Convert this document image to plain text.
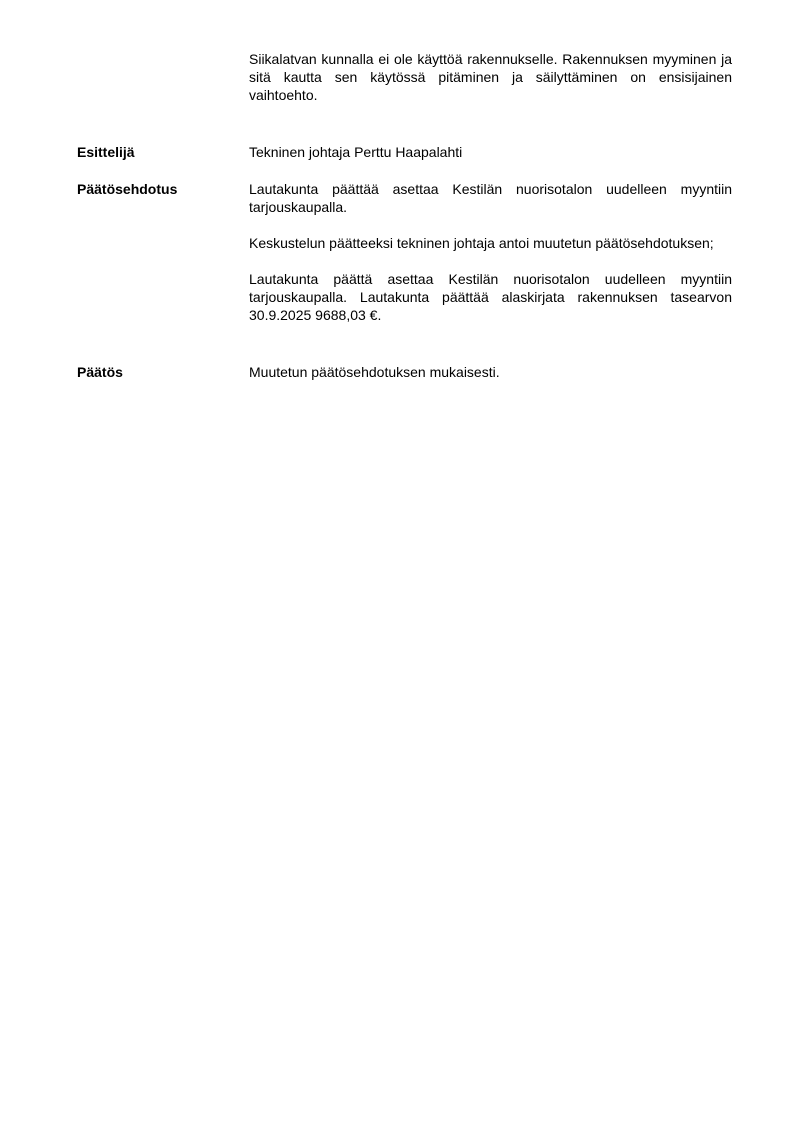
Siikalatvan kunnalla ei ole käyttöä rakennukselle. Rakennuksen myyminen ja sitä kautta sen käytössä pitäminen ja säilyttäminen on ensisijainen vaihtoehto.
Esittelijä	Tekninen johtaja Perttu Haapalahti
Päätösehdotus	Lautakunta päättää asettaa Kestilän nuorisotalon uudelleen myyntiin tarjouskaupalla.

Keskustelun päätteeksi tekninen johtaja antoi muutetun päätösehdotuksen;

Lautakunta päättä asettaa Kestilän nuorisotalon uudelleen myyntiin tarjouskaupalla. Lautakunta päättää alaskirjata rakennuksen tasearvon 30.9.2025 9688,03 €.

Päätös	Muutetun päätösehdotuksen mukaisesti.
